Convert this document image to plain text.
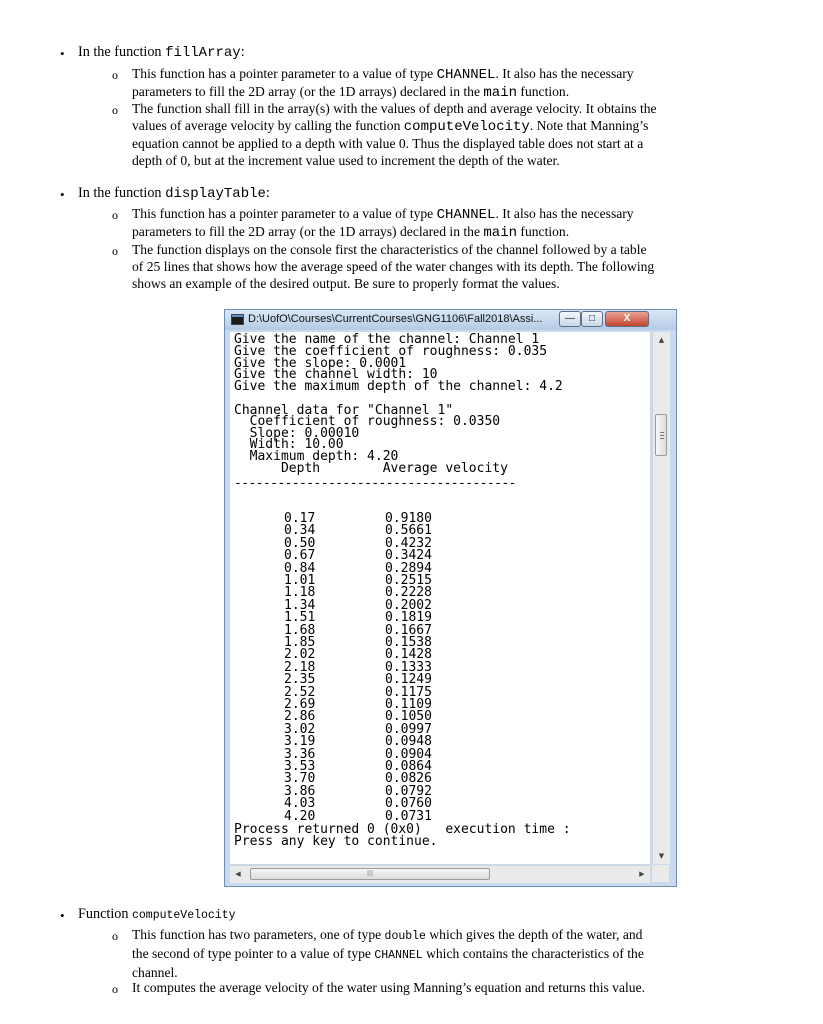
• In the function fillArray:
o This function has a pointer parameter to a value of type CHANNEL. It also has the necessary
parameters to fill the 2D array (or the 1D arrays) declared in the main function.
o The function shall fill in the array(s) with the values of depth and average velocity. It obtains the
values of average velocity by calling the function computeVelocity. Note that Manning’s
equation cannot be applied to a depth with value 0. Thus the displayed table does not start at a
depth of 0, but at the increment value used to increment the depth of the water.
• In the function displayTable:
o This function has a pointer parameter to a value of type CHANNEL. It also has the necessary
parameters to fill the 2D array (or the 1D arrays) declared in the main function.
o The function displays on the console first the characteristics of the channel followed by a table
of 25 lines that shows how the average speed of the water changes with its depth. The following
shows an example of the desired output. Be sure to properly format the values.
• Function computeVelocity
o This function has two parameters, one of type double which gives the depth of the water, and
the second of type pointer to a value of type CHANNEL which contains the characteristics of the
channel.
o It computes the average velocity of the water using Manning’s equation and returns this value.
D:\UofO\Courses\CurrentCourses\GNG1106\Fall2018\Assi...	—	□	X
Give the name of the channel: Channel 1
Give the coefficient of roughness: 0.035
Give the slope: 0.0001
Give the channel width: 10
Give the maximum depth of the channel: 4.2
Channel data for "Channel 1"
Coefficient of roughness: 0.0350
Slope: 0.00010
Width: 10.00
Maximum depth: 4.20
Depth        Average velocity
---------------------------------------
0.17	0.9180
0.34	0.5661
0.50	0.4232
0.67	0.3424
0.84	0.2894
1.01	0.2515
1.18	0.2228
1.34	0.2002
1.51	0.1819
1.68	0.1667
1.85	0.1538
2.02	0.1428
2.18	0.1333
2.35	0.1249
2.52	0.1175
2.69	0.1109
2.86	0.1050
3.02	0.0997
3.19	0.0948
3.36	0.0904
3.53	0.0864
3.70	0.0826
3.86	0.0792
4.03	0.0760
4.20	0.0731
Process returned 0 (0x0)   execution time :
Press any key to continue.
▲
▼
◀	|||	▶
